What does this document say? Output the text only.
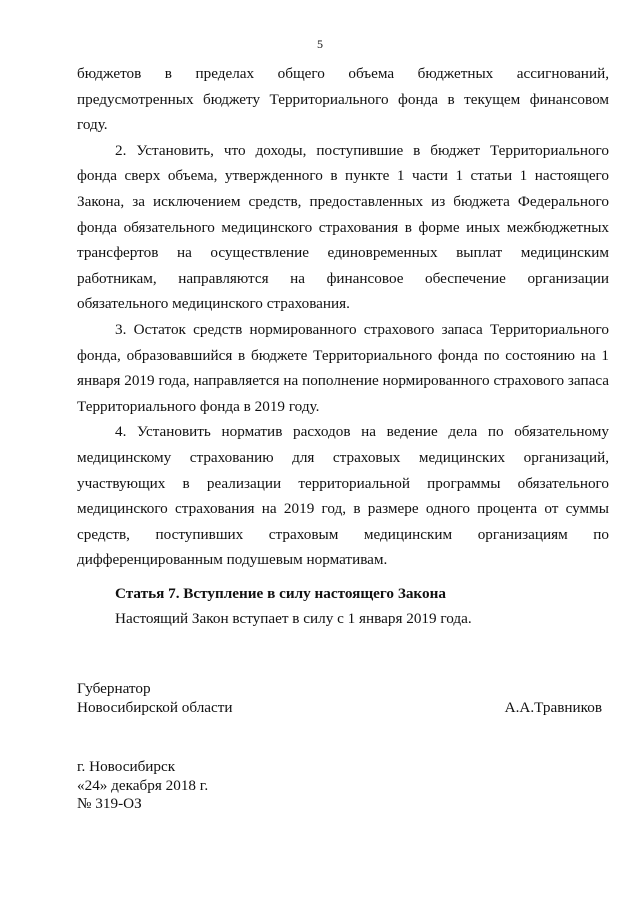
5

бюджетов в пределах общего объема бюджетных ассигнований, предусмотренных бюджету Территориального фонда в текущем финансовом году.

2. Установить, что доходы, поступившие в бюджет Территориального фонда сверх объема, утвержденного в пункте 1 части 1 статьи 1 настоящего Закона, за исключением средств, предоставленных из бюджета Федерального фонда обязательного медицинского страхования в форме иных межбюджетных трансфертов на осуществление единовременных выплат медицинским работникам, направляются на финансовое обеспечение организации обязательного медицинского страхования.

3. Остаток средств нормированного страхового запаса Территориального фонда, образовавшийся в бюджете Территориального фонда по состоянию на 1 января 2019 года, направляется на пополнение нормированного страхового запаса Территориального фонда в 2019 году.

4. Установить норматив расходов на ведение дела по обязательному медицинскому страхованию для страховых медицинских организаций, участвующих в реализации территориальной программы обязательного медицинского страхования на 2019 год, в размере одного процента от суммы средств, поступивших страховым медицинским организациям по дифференцированным подушевым нормативам.

Статья 7. Вступление в силу настоящего Закона
Настоящий Закон вступает в силу с 1 января 2019 года.
Губернатор
Новосибирской области	А.А.Травников
г. Новосибирск
«24» декабря 2018 г.
№ 319-ОЗ
